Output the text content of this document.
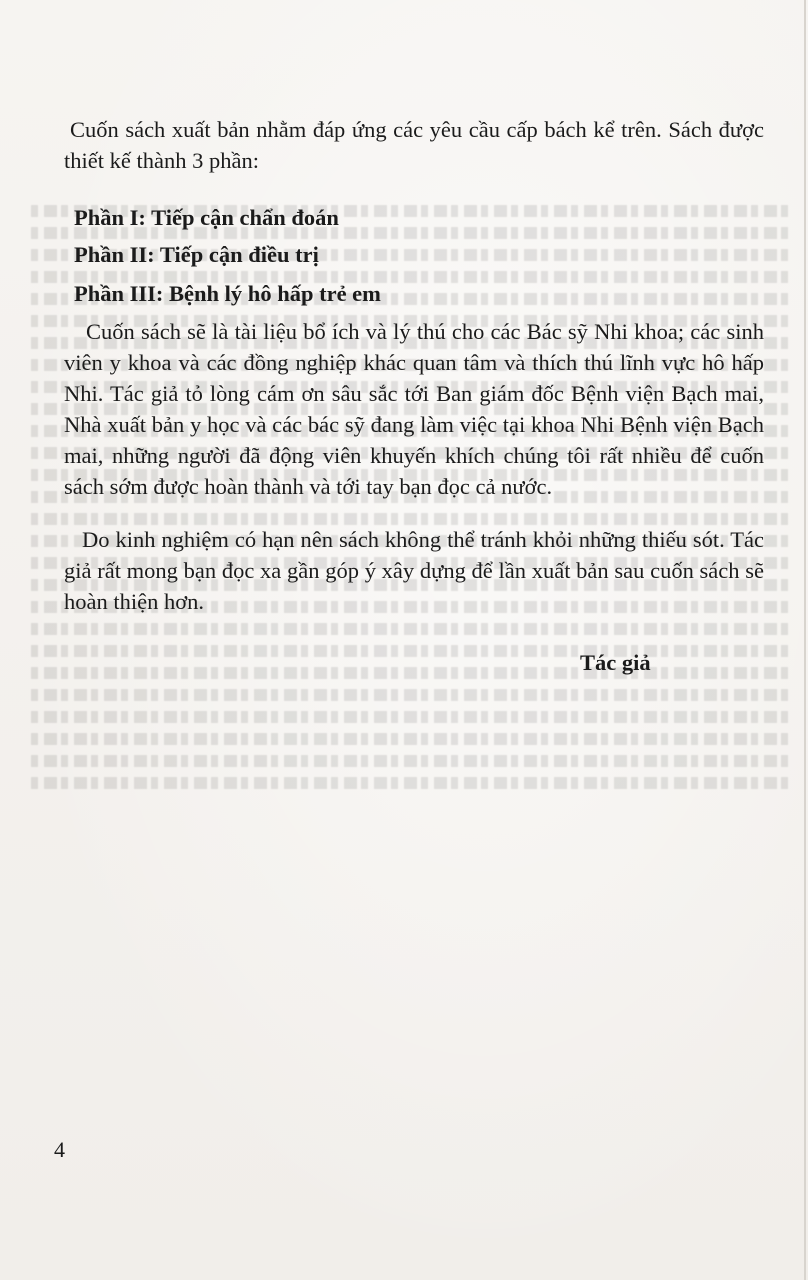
Cuốn sách xuất bản nhằm đáp ứng các yêu cầu cấp bách kể trên. Sách được thiết kế thành 3 phần:

Phần I: Tiếp cận chẩn đoán

Phần II: Tiếp cận điều trị

Phần III: Bệnh lý hô hấp trẻ em

Cuốn sách sẽ là tài liệu bổ ích và lý thú cho các Bác sỹ Nhi khoa; các sinh viên y khoa và các đồng nghiệp khác quan tâm và thích thú lĩnh vực hô hấp Nhi. Tác giả tỏ lòng cám ơn sâu sắc tới Ban giám đốc Bệnh viện Bạch mai, Nhà xuất bản y học và các bác sỹ đang làm việc tại khoa Nhi Bệnh viện Bạch mai, những người đã động viên khuyến khích chúng tôi rất nhiều để cuốn sách sớm được hoàn thành và tới tay bạn đọc cả nước.

Do kinh nghiệm có hạn nên sách không thể tránh khỏi những thiếu sót. Tác giả rất mong bạn đọc xa gần góp ý xây dựng để lần xuất bản sau cuốn sách sẽ hoàn thiện hơn.

Tác giả

4
